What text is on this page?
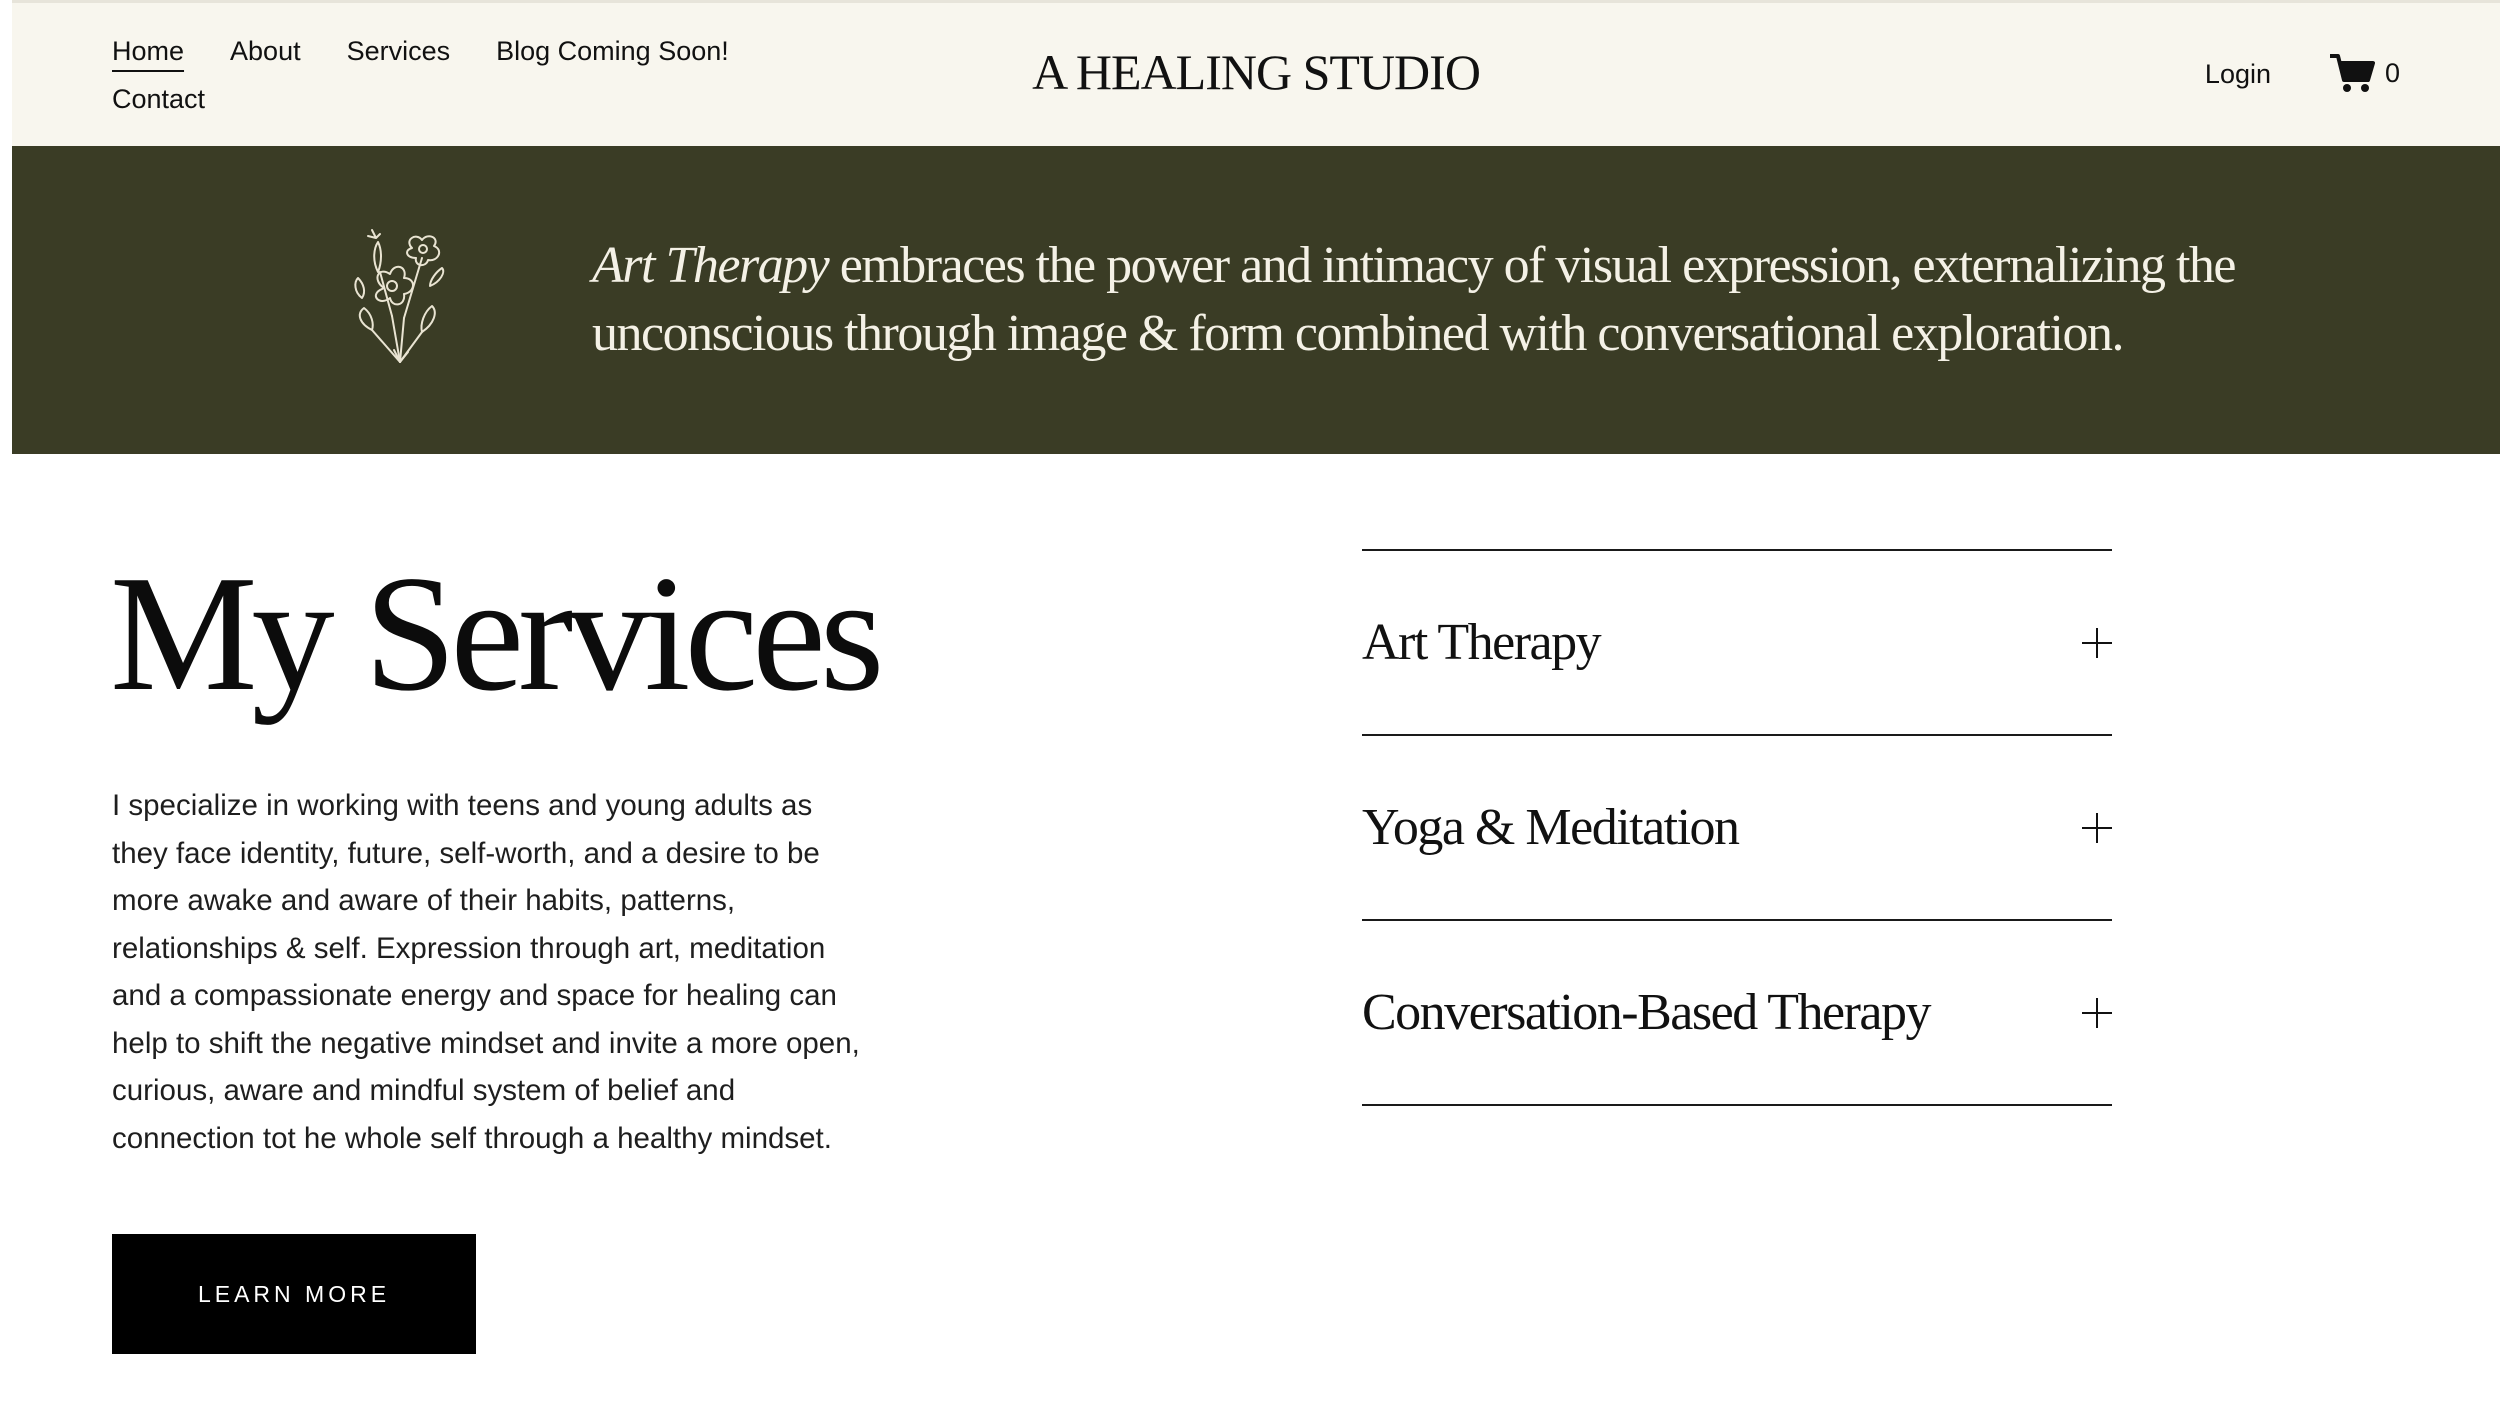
Home About Services Blog Coming Soon!
Contact	A HEALING STUDIO	Login	0

Art Therapy embraces the power and intimacy of visual expression, externalizing the unconscious through image & form combined with conversational exploration.

My Services

I specialize in working with teens and young adults as they face identity, future, self-worth, and a desire to be more awake and aware of their habits, patterns, relationships & self. Expression through art, meditation and a compassionate energy and space for healing can help to shift the negative mindset and invite a more open, curious, aware and mindful system of belief and connection tot he whole self through a healthy mindset.

LEARN MORE
Art Therapy
Yoga & Meditation
Conversation-Based Therapy
